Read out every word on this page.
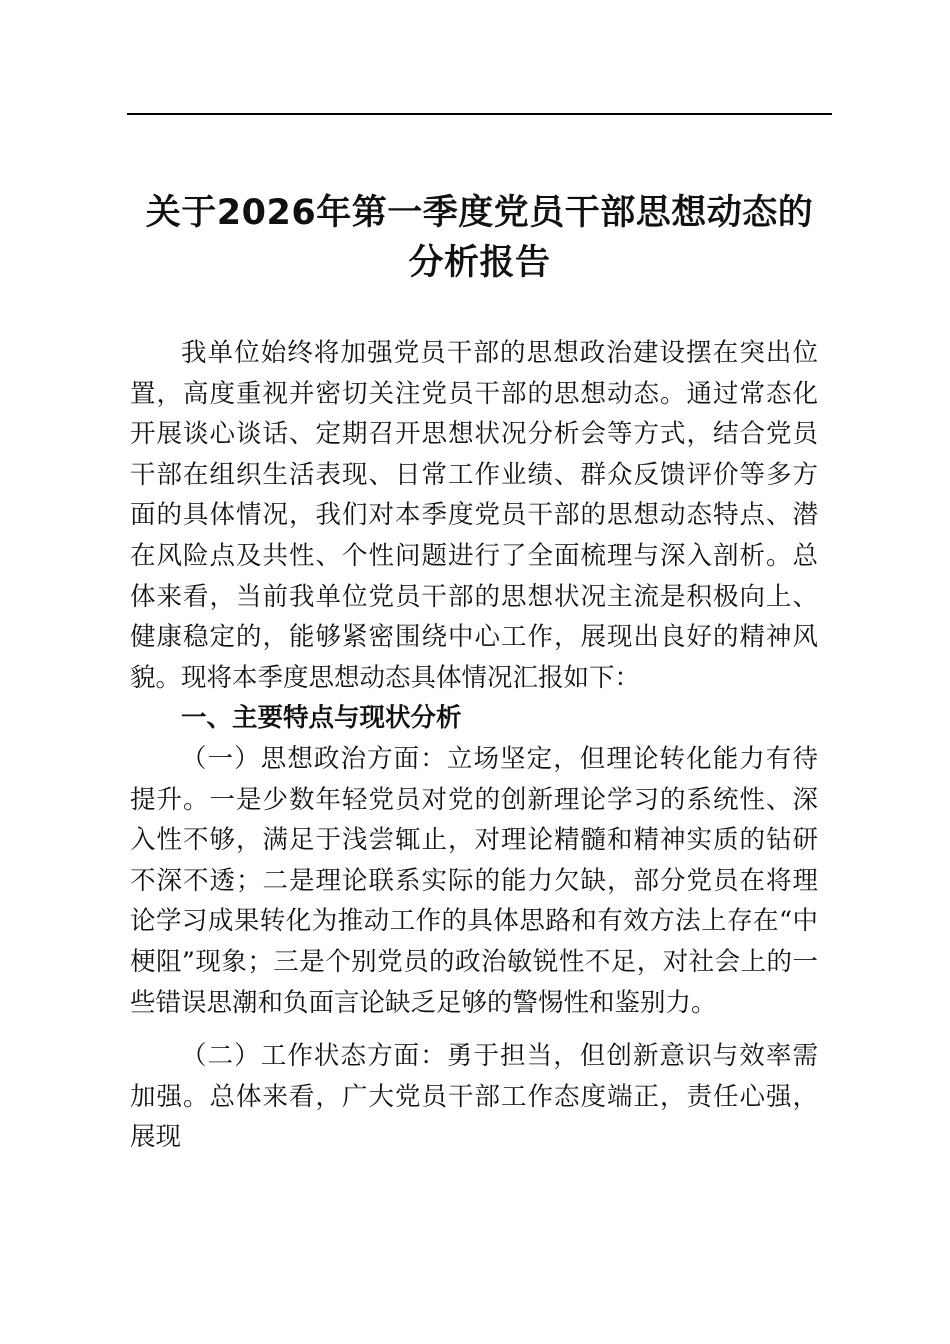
关于2026年第一季度党员干部思想动态的
分析报告

我单位始终将加强党员干部的思想政治建设摆在突出位置，高度重视并密切关注党员干部的思想动态。通过常态化开展谈心谈话、定期召开思想状况分析会等方式，结合党员干部在组织生活表现、日常工作业绩、群众反馈评价等多方面的具体情况，我们对本季度党员干部的思想动态特点、潜在风险点及共性、个性问题进行了全面梳理与深入剖析。总体来看，当前我单位党员干部的思想状况主流是积极向上、健康稳定的，能够紧密围绕中心工作，展现出良好的精神风貌。现将本季度思想动态具体情况汇报如下：

一、主要特点与现状分析

（一）思想政治方面：立场坚定，但理论转化能力有待提升。一是少数年轻党员对党的创新理论学习的系统性、深入性不够，满足于浅尝辄止，对理论精髓和精神实质的钻研不深不透；二是理论联系实际的能力欠缺，部分党员在将理论学习成果转化为推动工作的具体思路和有效方法上存在“中梗阻”现象；三是个别党员的政治敏锐性不足，对社会上的一些错误思潮和负面言论缺乏足够的警惕性和鉴别力。

（二）工作状态方面：勇于担当，但创新意识与效率需加强。总体来看，广大党员干部工作态度端正，责任心强，展现
